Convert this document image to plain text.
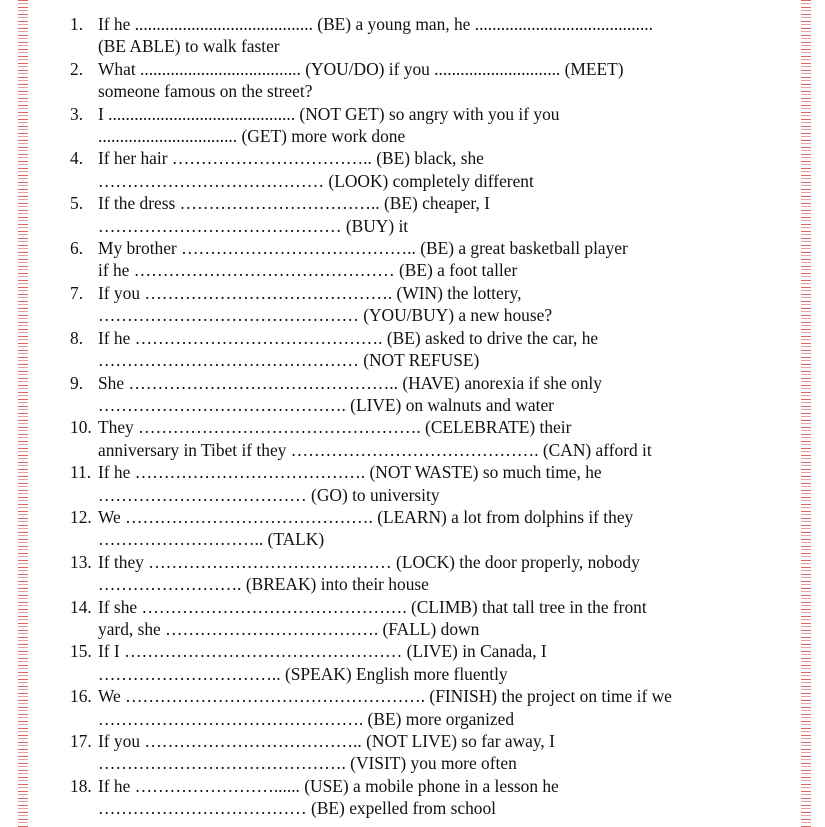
1. If he ......................................... (BE) a young man, he .........................................
(BE ABLE) to walk faster
2. What ..................................... (YOU/DO) if you ............................. (MEET)
someone famous on the street?
3. I ........................................... (NOT GET) so angry with you if you
................................ (GET) more work done
4. If her hair …………………………….. (BE) black, she
………………………………… (LOOK) completely different
5. If the dress …………………………….. (BE) cheaper, I
…………………………………… (BUY) it
6. My brother ………………………………….. (BE) a great basketball player
if he ……………………………………… (BE) a foot taller
7. If you ……………………………………. (WIN) the lottery,
……………………………………… (YOU/BUY) a new house?
8. If he ……………………………………. (BE) asked to drive the car, he
……………………………………… (NOT REFUSE)
9. She ……………………………………….. (HAVE) anorexia if she only
……………………………………. (LIVE) on walnuts and water
10. They …………………………………………. (CELEBRATE) their
anniversary in Tibet if they ……………………………………. (CAN) afford it
11. If he …………………………………. (NOT WASTE) so much time, he
……………………………… (GO) to university
12. We ……………………………………. (LEARN) a lot from dolphins if they
……………………….. (TALK)
13. If they …………………………………… (LOCK) the door properly, nobody
……………………. (BREAK) into their house
14. If she ………………………………………. (CLIMB) that tall tree in the front
yard, she ………………………………. (FALL) down
15. If I ………………………………………… (LIVE) in Canada, I
………………………….. (SPEAK) English more fluently
16. We ……………………………………………. (FINISH) the project on time if we
………………………………………. (BE) more organized
17. If you ……………………………….. (NOT LIVE) so far away, I
……………………………………. (VISIT) you more often
18. If he ……………………...... (USE) a mobile phone in a lesson he
……………………………… (BE) expelled from school
